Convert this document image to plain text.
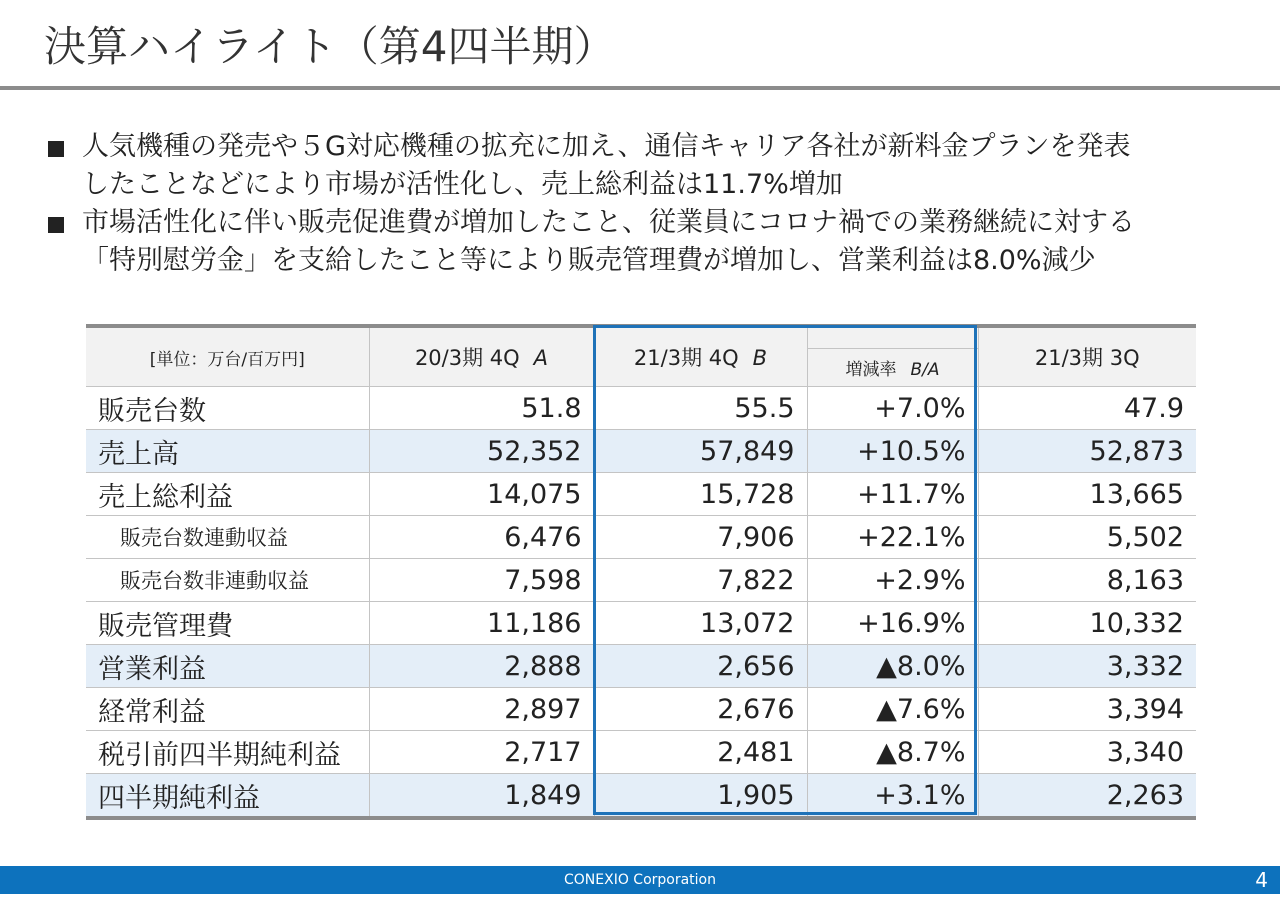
決算ハイライト（第4四半期）
人気機種の発売や５G対応機種の拡充に加え、通信キャリア各社が新料金プランを発表
したことなどにより市場が活性化し、売上総利益は11.7%増加
市場活性化に伴い販売促進費が増加したこと、従業員にコロナ禍での業務継続に対する
「特別慰労金」を支給したこと等により販売管理費が増加し、営業利益は8.0%減少
[単位：万台/百万円]	20/3期 4Q A	21/3期 4Q B		21/3期 3Q
			増減率 B/A	
販売台数	51.8	55.5	+7.0%	47.9
売上高	52,352	57,849	+10.5%	52,873
売上総利益	14,075	15,728	+11.7%	13,665
販売台数連動収益	6,476	7,906	+22.1%	5,502
販売台数非連動収益	7,598	7,822	+2.9%	8,163
販売管理費	11,186	13,072	+16.9%	10,332
営業利益	2,888	2,656	▲8.0%	3,332
経常利益	2,897	2,676	▲7.6%	3,394
税引前四半期純利益	2,717	2,481	▲8.7%	3,340
四半期純利益	1,849	1,905	+3.1%	2,263
CONEXIO Corporation	4
